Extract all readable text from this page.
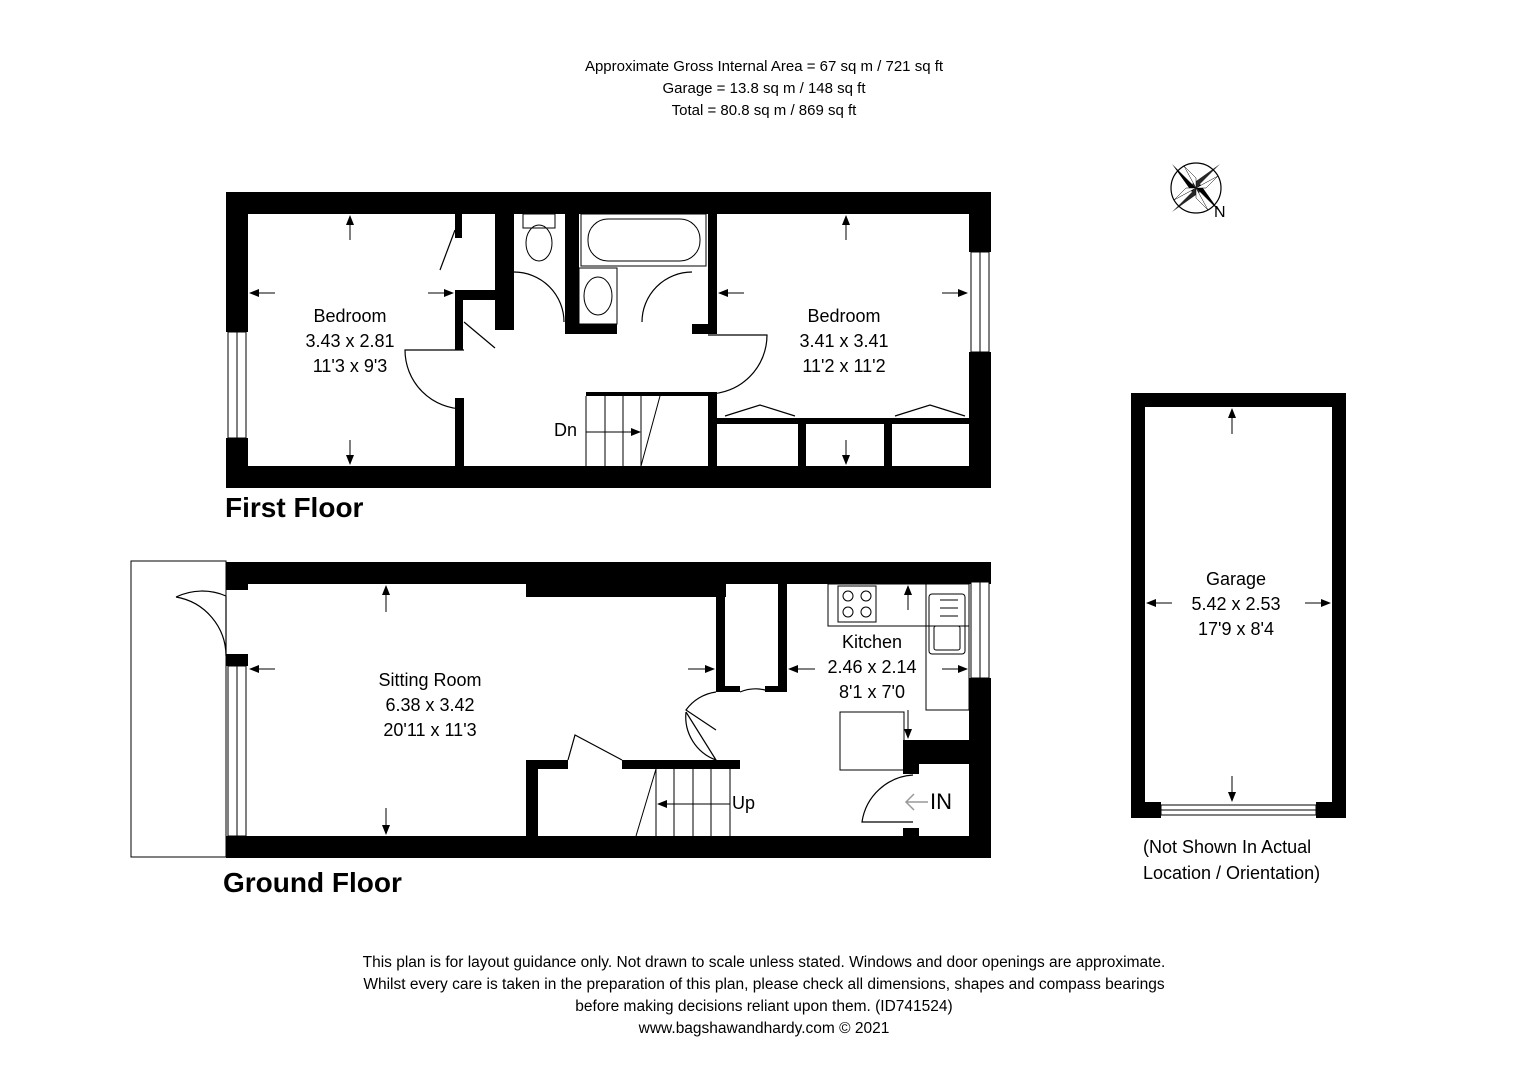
Approximate Gross Internal Area = 67 sq m / 721 sq ft
Garage = 13.8 sq m / 148 sq ft
Total = 80.8 sq m / 869 sq ft
N
Bedroom
3.43 x 2.81
11'3 x 9'3
Bedroom
3.41 x 3.41
11'2 x 11'2
Dn
First Floor
Sitting Room
6.38 x 3.42
20'11 x 11'3
Kitchen
2.46 x 2.14
8'1 x 7'0
Up	IN
Ground Floor
Garage
5.42 x 2.53
17'9 x 8'4
(Not Shown In Actual
Location / Orientation)
This plan is for layout guidance only. Not drawn to scale unless stated. Windows and door openings are approximate.
Whilst every care is taken in the preparation of this plan, please check all dimensions, shapes and compass bearings
before making decisions reliant upon them. (ID741524)
www.bagshawandhardy.com © 2021
